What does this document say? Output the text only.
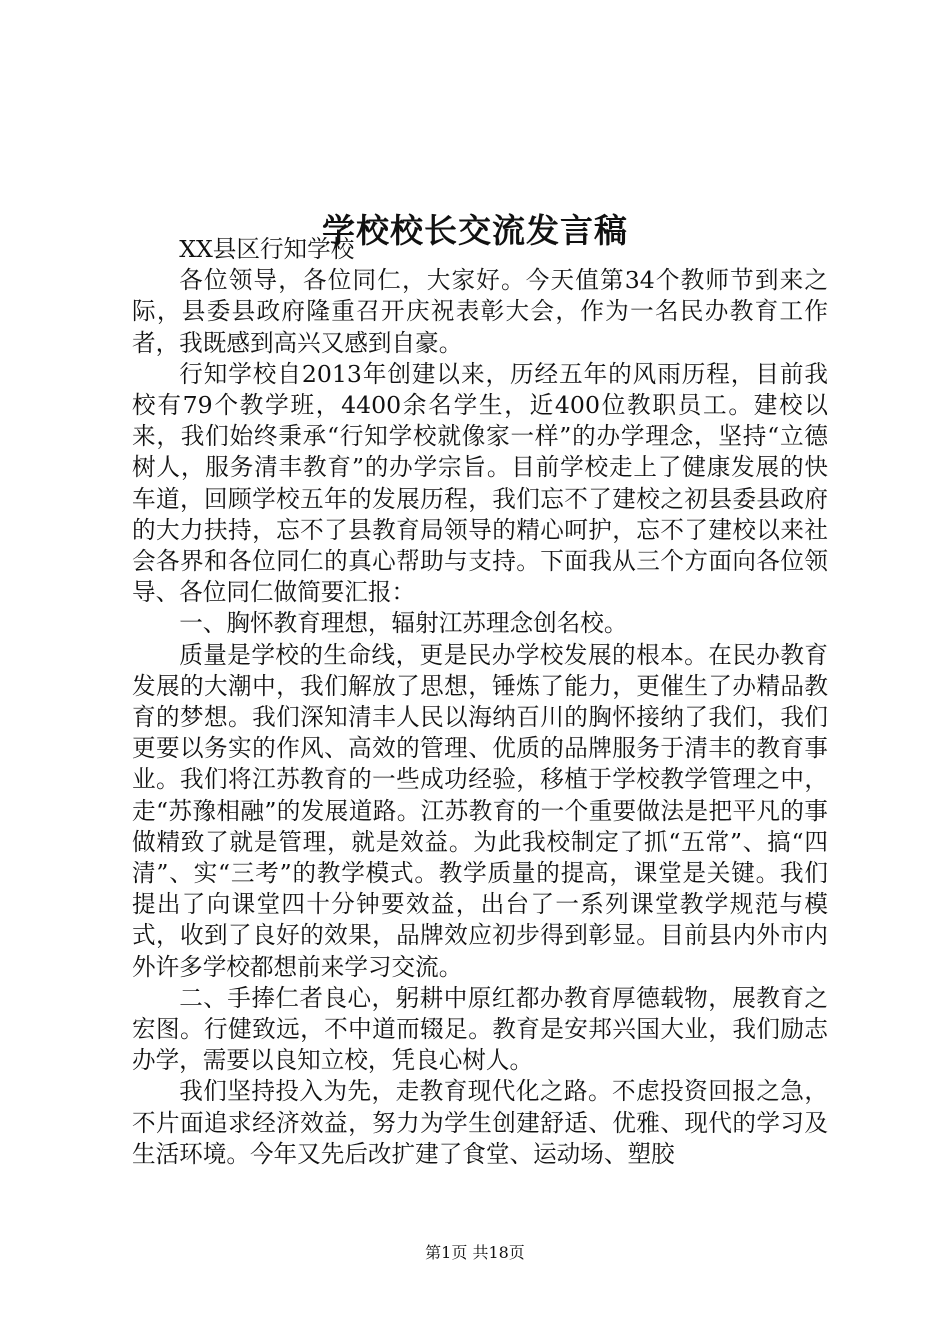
学校校长交流发言稿

XX县区行知学校

各位领导，各位同仁，大家好。今天值第34个教师节到来之际，县委县政府隆重召开庆祝表彰大会，作为一名民办教育工作者，我既感到高兴又感到自豪。

行知学校自2013年创建以来，历经五年的风雨历程，目前我校有79个教学班，4400余名学生，近400位教职员工。建校以来，我们始终秉承“行知学校就像家一样”的办学理念，坚持“立德树人，服务清丰教育”的办学宗旨。目前学校走上了健康发展的快车道，回顾学校五年的发展历程，我们忘不了建校之初县委县政府的大力扶持，忘不了县教育局领导的精心呵护，忘不了建校以来社会各界和各位同仁的真心帮助与支持。下面我从三个方面向各位领导、各位同仁做简要汇报：

一、胸怀教育理想，辐射江苏理念创名校。

质量是学校的生命线，更是民办学校发展的根本。在民办教育发展的大潮中，我们解放了思想，锤炼了能力，更催生了办精品教育的梦想。我们深知清丰人民以海纳百川的胸怀接纳了我们，我们更要以务实的作风、高效的管理、优质的品牌服务于清丰的教育事业。我们将江苏教育的一些成功经验，移植于学校教学管理之中，走“苏豫相融”的发展道路。江苏教育的一个重要做法是把平凡的事做精致了就是管理，就是效益。为此我校制定了抓“五常”、搞“四清”、实“三考”的教学模式。教学质量的提高，课堂是关键。我们提出了向课堂四十分钟要效益，出台了一系列课堂教学规范与模式，收到了良好的效果，品牌效应初步得到彰显。目前县内外市内外许多学校都想前来学习交流。

二、手捧仁者良心，躬耕中原红都办教育厚德载物，展教育之宏图。行健致远，不中道而辍足。教育是安邦兴国大业，我们励志办学，需要以良知立校，凭良心树人。

我们坚持投入为先，走教育现代化之路。不虑投资回报之急，不片面追求经济效益，努力为学生创建舒适、优雅、现代的学习及生活环境。今年又先后改扩建了食堂、运动场、塑胶

第1页 共18页
